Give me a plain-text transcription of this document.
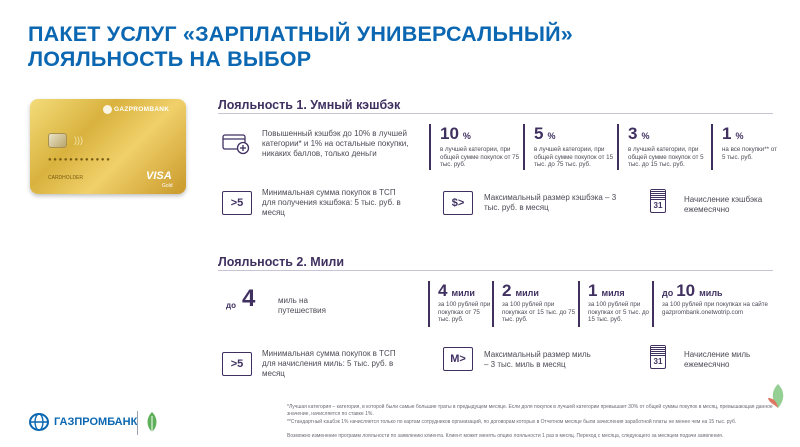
ПАКЕТ УСЛУГ «ЗАРПЛАТНЫЙ УНИВЕРСАЛЬНЫЙ»
ЛОЯЛЬНОСТЬ НА ВЫБОР
GAZPROMBANK
)))
● ● ● ● ● ● ● ● ● ● ● ●
CARDHOLDER	VISA
Gold
Лояльность 1. Умный кэшбэк
Повышенный кэшбэк до 10% в лучшей категории* и 1% на остальные покупки, никаких баллов, только деньги
10 %
в лучшей категории, при общей сумме покупок от 75 тыс. руб.
5 %
в лучшей категории, при общей сумме покупок от 15 тыс. до 75 тыс. руб.
3 %
в лучшей категории, при общей сумме покупок от 5 тыс. до 15 тыс. руб.
1 %
на все покупки** от 5 тыс. руб.
>5
Минимальная сумма покупок в ТСП для получения кэшбэка: 5 тыс. руб. в месяц
$>	Максимальный размер кэшбэка – 3 тыс. руб. в месяц	31
Начисление кэшбэка ежемесячно
Лояльность 2. Мили
до 4	миль на путешествия
4 мили
за 100 рублей при покупках от 75 тыс. руб.
2 мили
за 100 рублей при покупках от 15 тыс. до 75 тыс. руб.
1 миля
за 100 рублей при покупках от 5 тыс. до 15 тыс. руб.
до 10 миль
за 100 рублей при покупках на сайте gazprombank.onetwotrip.com
>5
Минимальная сумма покупок в ТСП для начисления миль: 5 тыс. руб. в месяц
M>	Максимальный размер миль – 3 тыс. миль в месяц	31
Начисление миль ежемесячно
ГАЗПРОМБАНК
*Лучшая категория – категория, в которой были самые большие траты в предыдущем месяце. Если доля покупок в лучшей категории превышает 30% от общей суммы покупок в месяц, превышающая данное значение, начисляется по ставке 1%.
**Стандартный кэшбэк 1% начисляется только по картам сотрудников организаций, по договорам которых в Отчетном месяце были зачисления заработной платы не менее чем на 15 тыс. руб.
Возможно изменение программ лояльности по заявлению клиента. Клиент может менять опцию лояльности 1 раз в месяц. Переход с месяца, следующего за месяцем подачи заявления.
